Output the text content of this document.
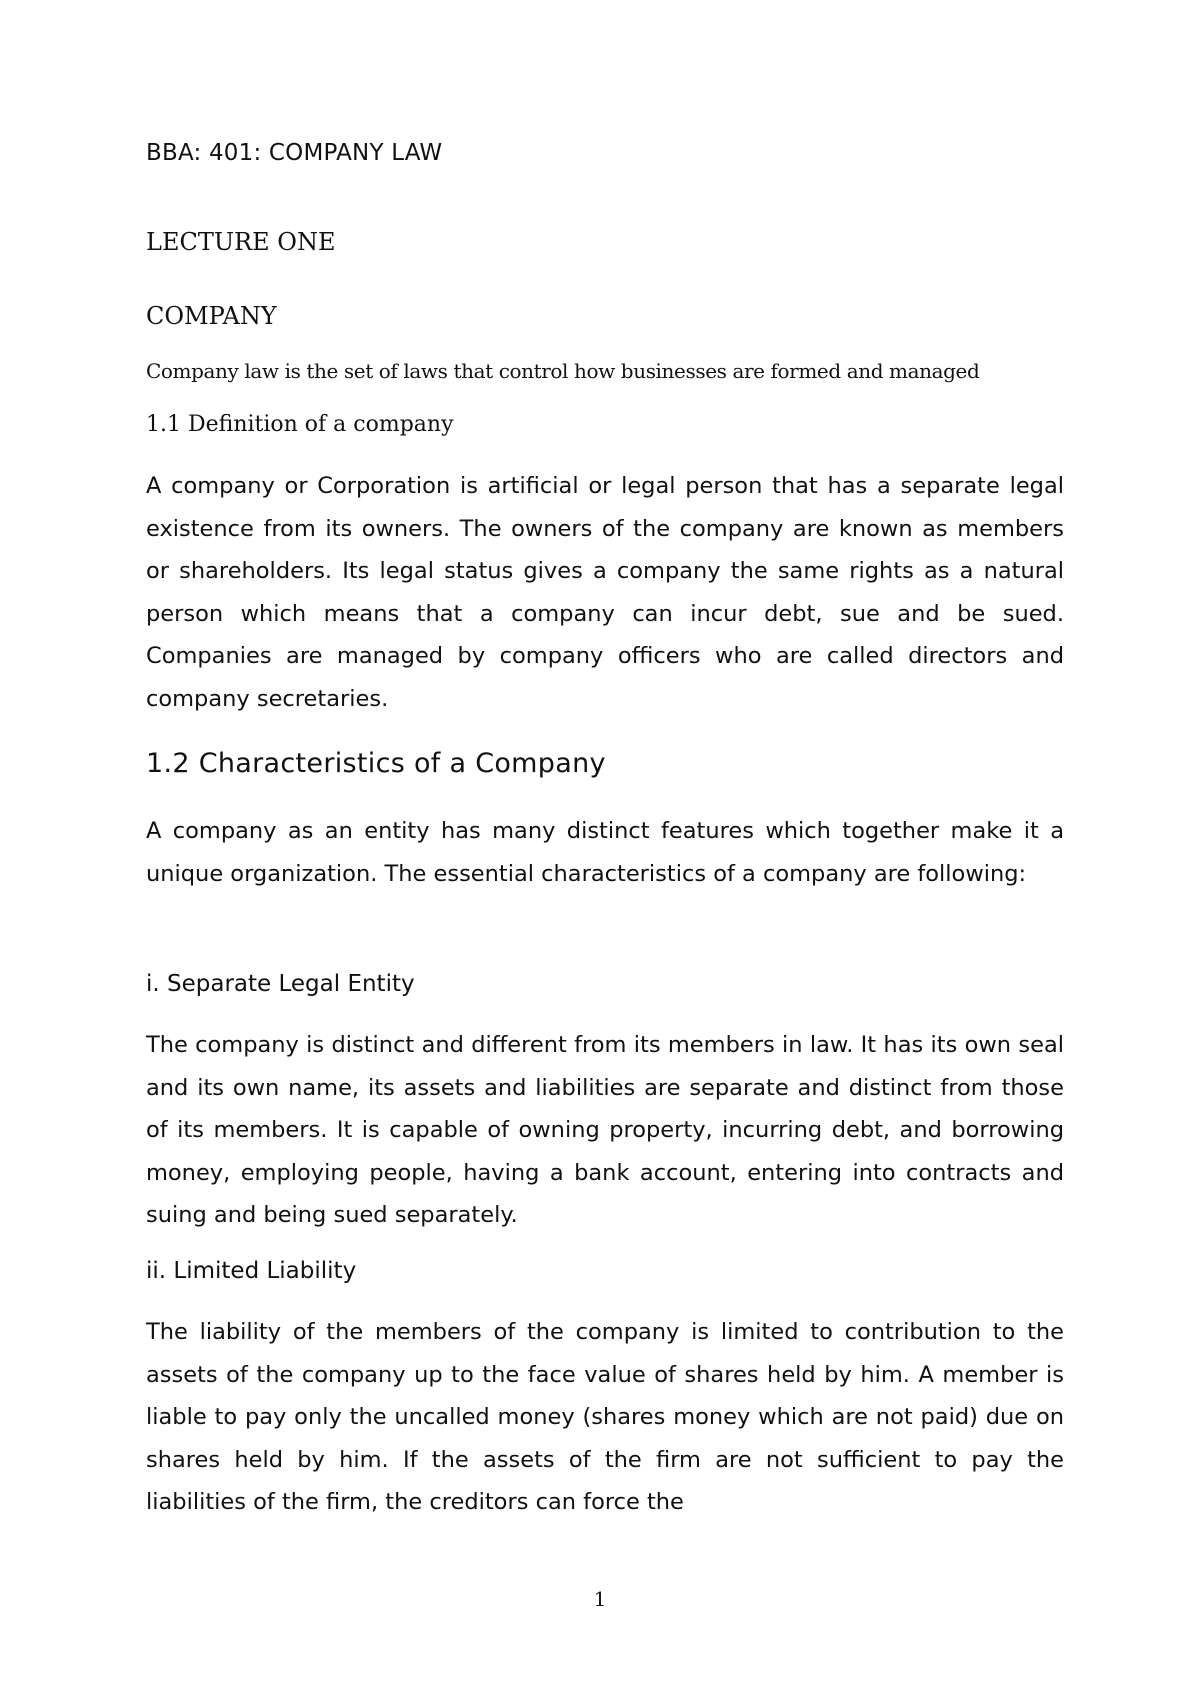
BBA: 401: COMPANY LAW

LECTURE ONE

COMPANY

Company law is the set of laws that control how businesses are formed and managed

1.1 Definition of a company

A company or Corporation is artificial or legal person that has a separate legal existence from its owners. The owners of the company are known as members or shareholders. Its legal status gives a company the same rights as a natural person which means that a company can incur debt, sue and be sued. Companies are managed by company officers who are called directors and company secretaries.

1.2 Characteristics of a Company

A company as an entity has many distinct features which together make it a unique organization. The essential characteristics of a company are following:

i. Separate Legal Entity

The company is distinct and different from its members in law. It has its own seal and its own name, its assets and liabilities are separate and distinct from those of its members. It is capable of owning property, incurring debt, and borrowing money, employing people, having a bank account, entering into contracts and suing and being sued separately.

ii. Limited Liability

The liability of the members of the company is limited to contribution to the assets of the company up to the face value of shares held by him. A member is liable to pay only the uncalled money (shares money which are not paid) due on shares held by him. If the assets of the firm are not sufficient to pay the liabilities of the firm, the creditors can force the

1
